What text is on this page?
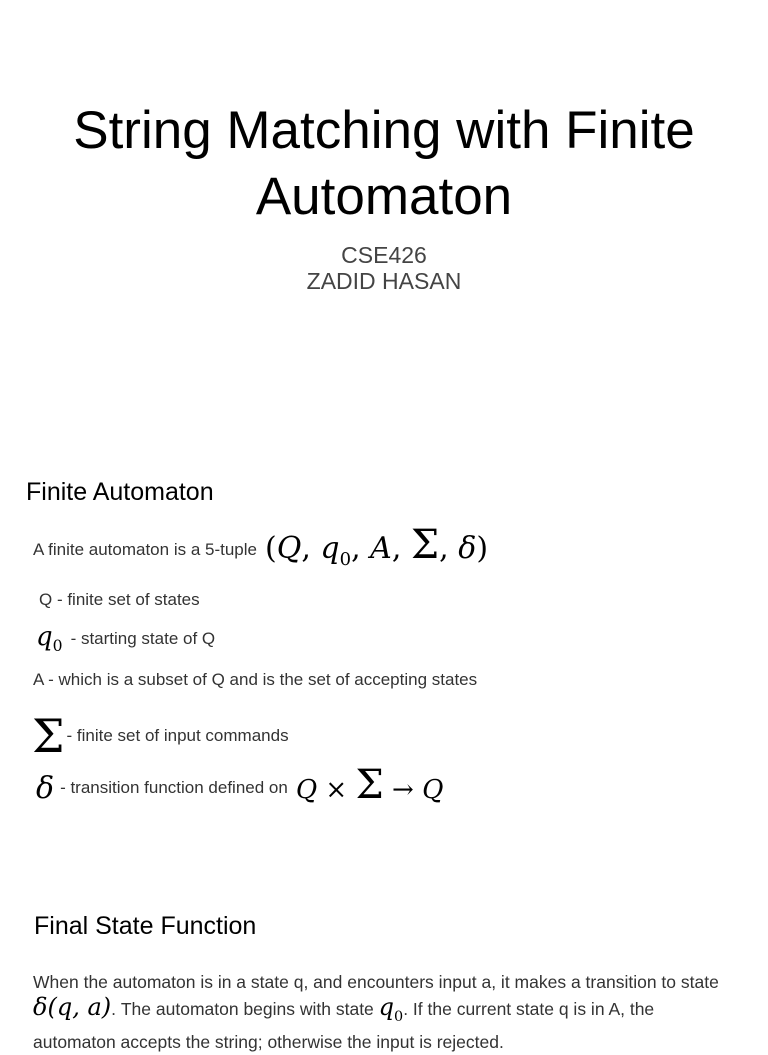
String Matching with Finite Automaton
CSE426
ZADID HASAN
Finite Automaton
A finite automaton is a 5-tuple (Q, $q_0$, A, Σ, δ)
Q - finite set of states
$q_0$ - starting state of Q
A - which is a subset of Q and is the set of accepting states
Σ - finite set of input commands
δ - transition function defined on Q × Σ → Q
Final State Function

When the automaton is in a state q, and encounters input a, it makes a transition to state δ(q, a). The automaton begins with state $q_0$. If the current state q is in A, the automaton accepts the string; otherwise the input is rejected.
